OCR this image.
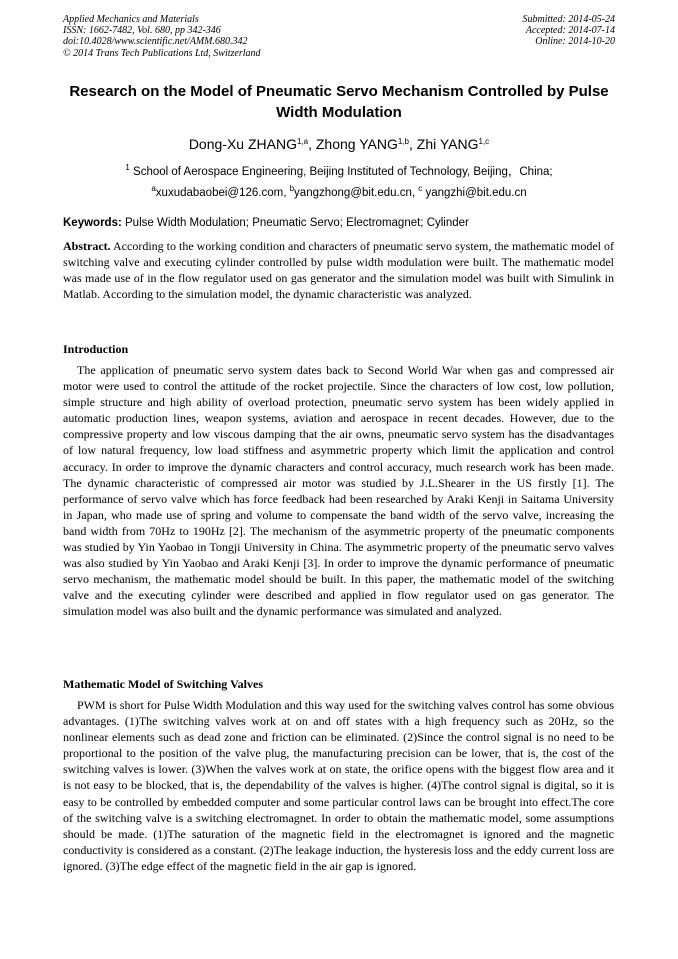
Applied Mechanics and Materials
ISSN: 1662-7482, Vol. 680, pp 342-346
doi:10.4028/www.scientific.net/AMM.680.342
© 2014 Trans Tech Publications Ltd, Switzerland
Submitted: 2014-05-24
Accepted: 2014-07-14
Online: 2014-10-20
Research on the Model of Pneumatic Servo Mechanism Controlled by Pulse Width Modulation
Dong-Xu ZHANG$^{1,a}$, Zhong YANG$^{1,b}$, Zhi YANG$^{1,c}$
$^1$ School of Aerospace Engineering, Beijing Instituted of Technology, Beijing，China;
$^a$xuxudabaobei@126.com, $^b$yangzhong@bit.edu.cn, $^c$ yangzhi@bit.edu.cn
Keywords: Pulse Width Modulation; Pneumatic Servo; Electromagnet; Cylinder
Abstract. According to the working condition and characters of pneumatic servo system, the mathematic model of switching valve and executing cylinder controlled by pulse width modulation were built. The mathematic model was made use of in the flow regulator used on gas generator and the simulation model was built with Simulink in Matlab. According to the simulation model, the dynamic characteristic was analyzed.
Introduction
The application of pneumatic servo system dates back to Second World War when gas and compressed air motor were used to control the attitude of the rocket projectile. Since the characters of low cost, low pollution, simple structure and high ability of overload protection, pneumatic servo system has been widely applied in automatic production lines, weapon systems, aviation and aerospace in recent decades. However, due to the compressive property and low viscous damping that the air owns, pneumatic servo system has the disadvantages of low natural frequency, low load stiffness and asymmetric property which limit the application and control accuracy. In order to improve the dynamic characters and control accuracy, much research work has been made. The dynamic characteristic of compressed air motor was studied by J.L.Shearer in the US firstly [1]. The performance of servo valve which has force feedback had been researched by Araki Kenji in Saitama University in Japan, who made use of spring and volume to compensate the band width of the servo valve, increasing the band width from 70Hz to 190Hz [2]. The mechanism of the asymmetric property of the pneumatic components was studied by Yin Yaobao in Tongji University in China. The asymmetric property of the pneumatic servo valves was also studied by Yin Yaobao and Araki Kenji [3]. In order to improve the dynamic performance of pneumatic servo mechanism, the mathematic model should be built. In this paper, the mathematic model of the switching valve and the executing cylinder were described and applied in flow regulator used on gas generator. The simulation model was also built and the dynamic performance was simulated and analyzed.
Mathematic Model of Switching Valves
PWM is short for Pulse Width Modulation and this way used for the switching valves control has some obvious advantages. (1)The switching valves work at on and off states with a high frequency such as 20Hz, so the nonlinear elements such as dead zone and friction can be eliminated. (2)Since the control signal is no need to be proportional to the position of the valve plug, the manufacturing precision can be lower, that is, the cost of the switching valves is lower. (3)When the valves work at on state, the orifice opens with the biggest flow area and it is not easy to be blocked, that is, the dependability of the valves is higher. (4)The control signal is digital, so it is easy to be controlled by embedded computer and some particular control laws can be brought into effect.The core of the switching valve is a switching electromagnet. In order to obtain the mathematic model, some assumptions should be made. (1)The saturation of the magnetic field in the electromagnet is ignored and the magnetic conductivity is considered as a constant. (2)The leakage induction, the hysteresis loss and the eddy current loss are ignored. (3)The edge effect of the magnetic field in the air gap is ignored.
